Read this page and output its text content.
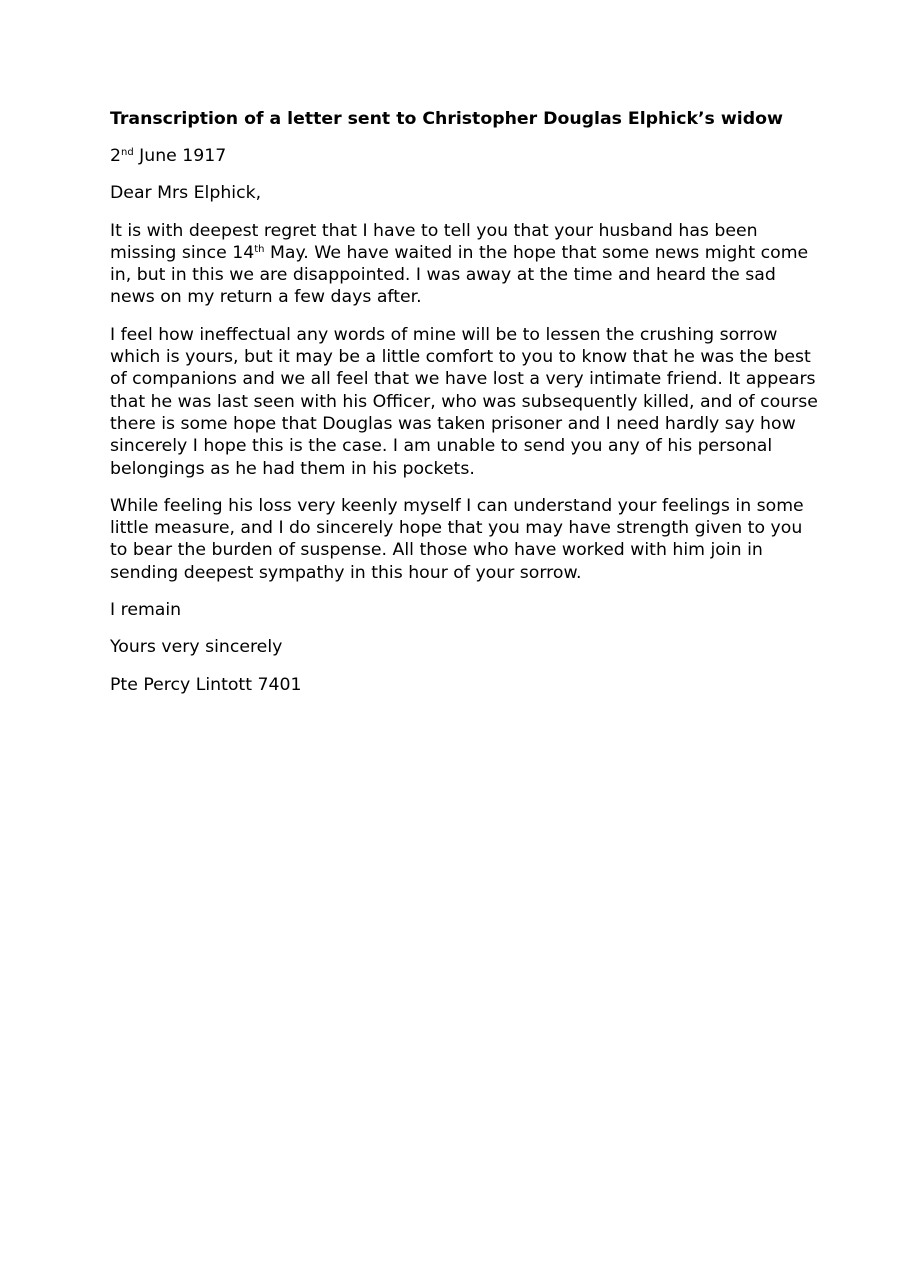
Transcription of a letter sent to Christopher Douglas Elphick’s widow

2nd June 1917

Dear Mrs Elphick,

It is with deepest regret that I have to tell you that your husband has been
missing since 14th May. We have waited in the hope that some news might come
in, but in this we are disappointed. I was away at the time and heard the sad
news on my return a few days after.

I feel how ineffectual any words of mine will be to lessen the crushing sorrow
which is yours, but it may be a little comfort to you to know that he was the best
of companions and we all feel that we have lost a very intimate friend. It appears
that he was last seen with his Officer, who was subsequently killed, and of course
there is some hope that Douglas was taken prisoner and I need hardly say how
sincerely I hope this is the case. I am unable to send you any of his personal
belongings as he had them in his pockets.

While feeling his loss very keenly myself I can understand your feelings in some
little measure, and I do sincerely hope that you may have strength given to you
to bear the burden of suspense. All those who have worked with him join in
sending deepest sympathy in this hour of your sorrow.

I remain

Yours very sincerely

Pte Percy Lintott 7401
